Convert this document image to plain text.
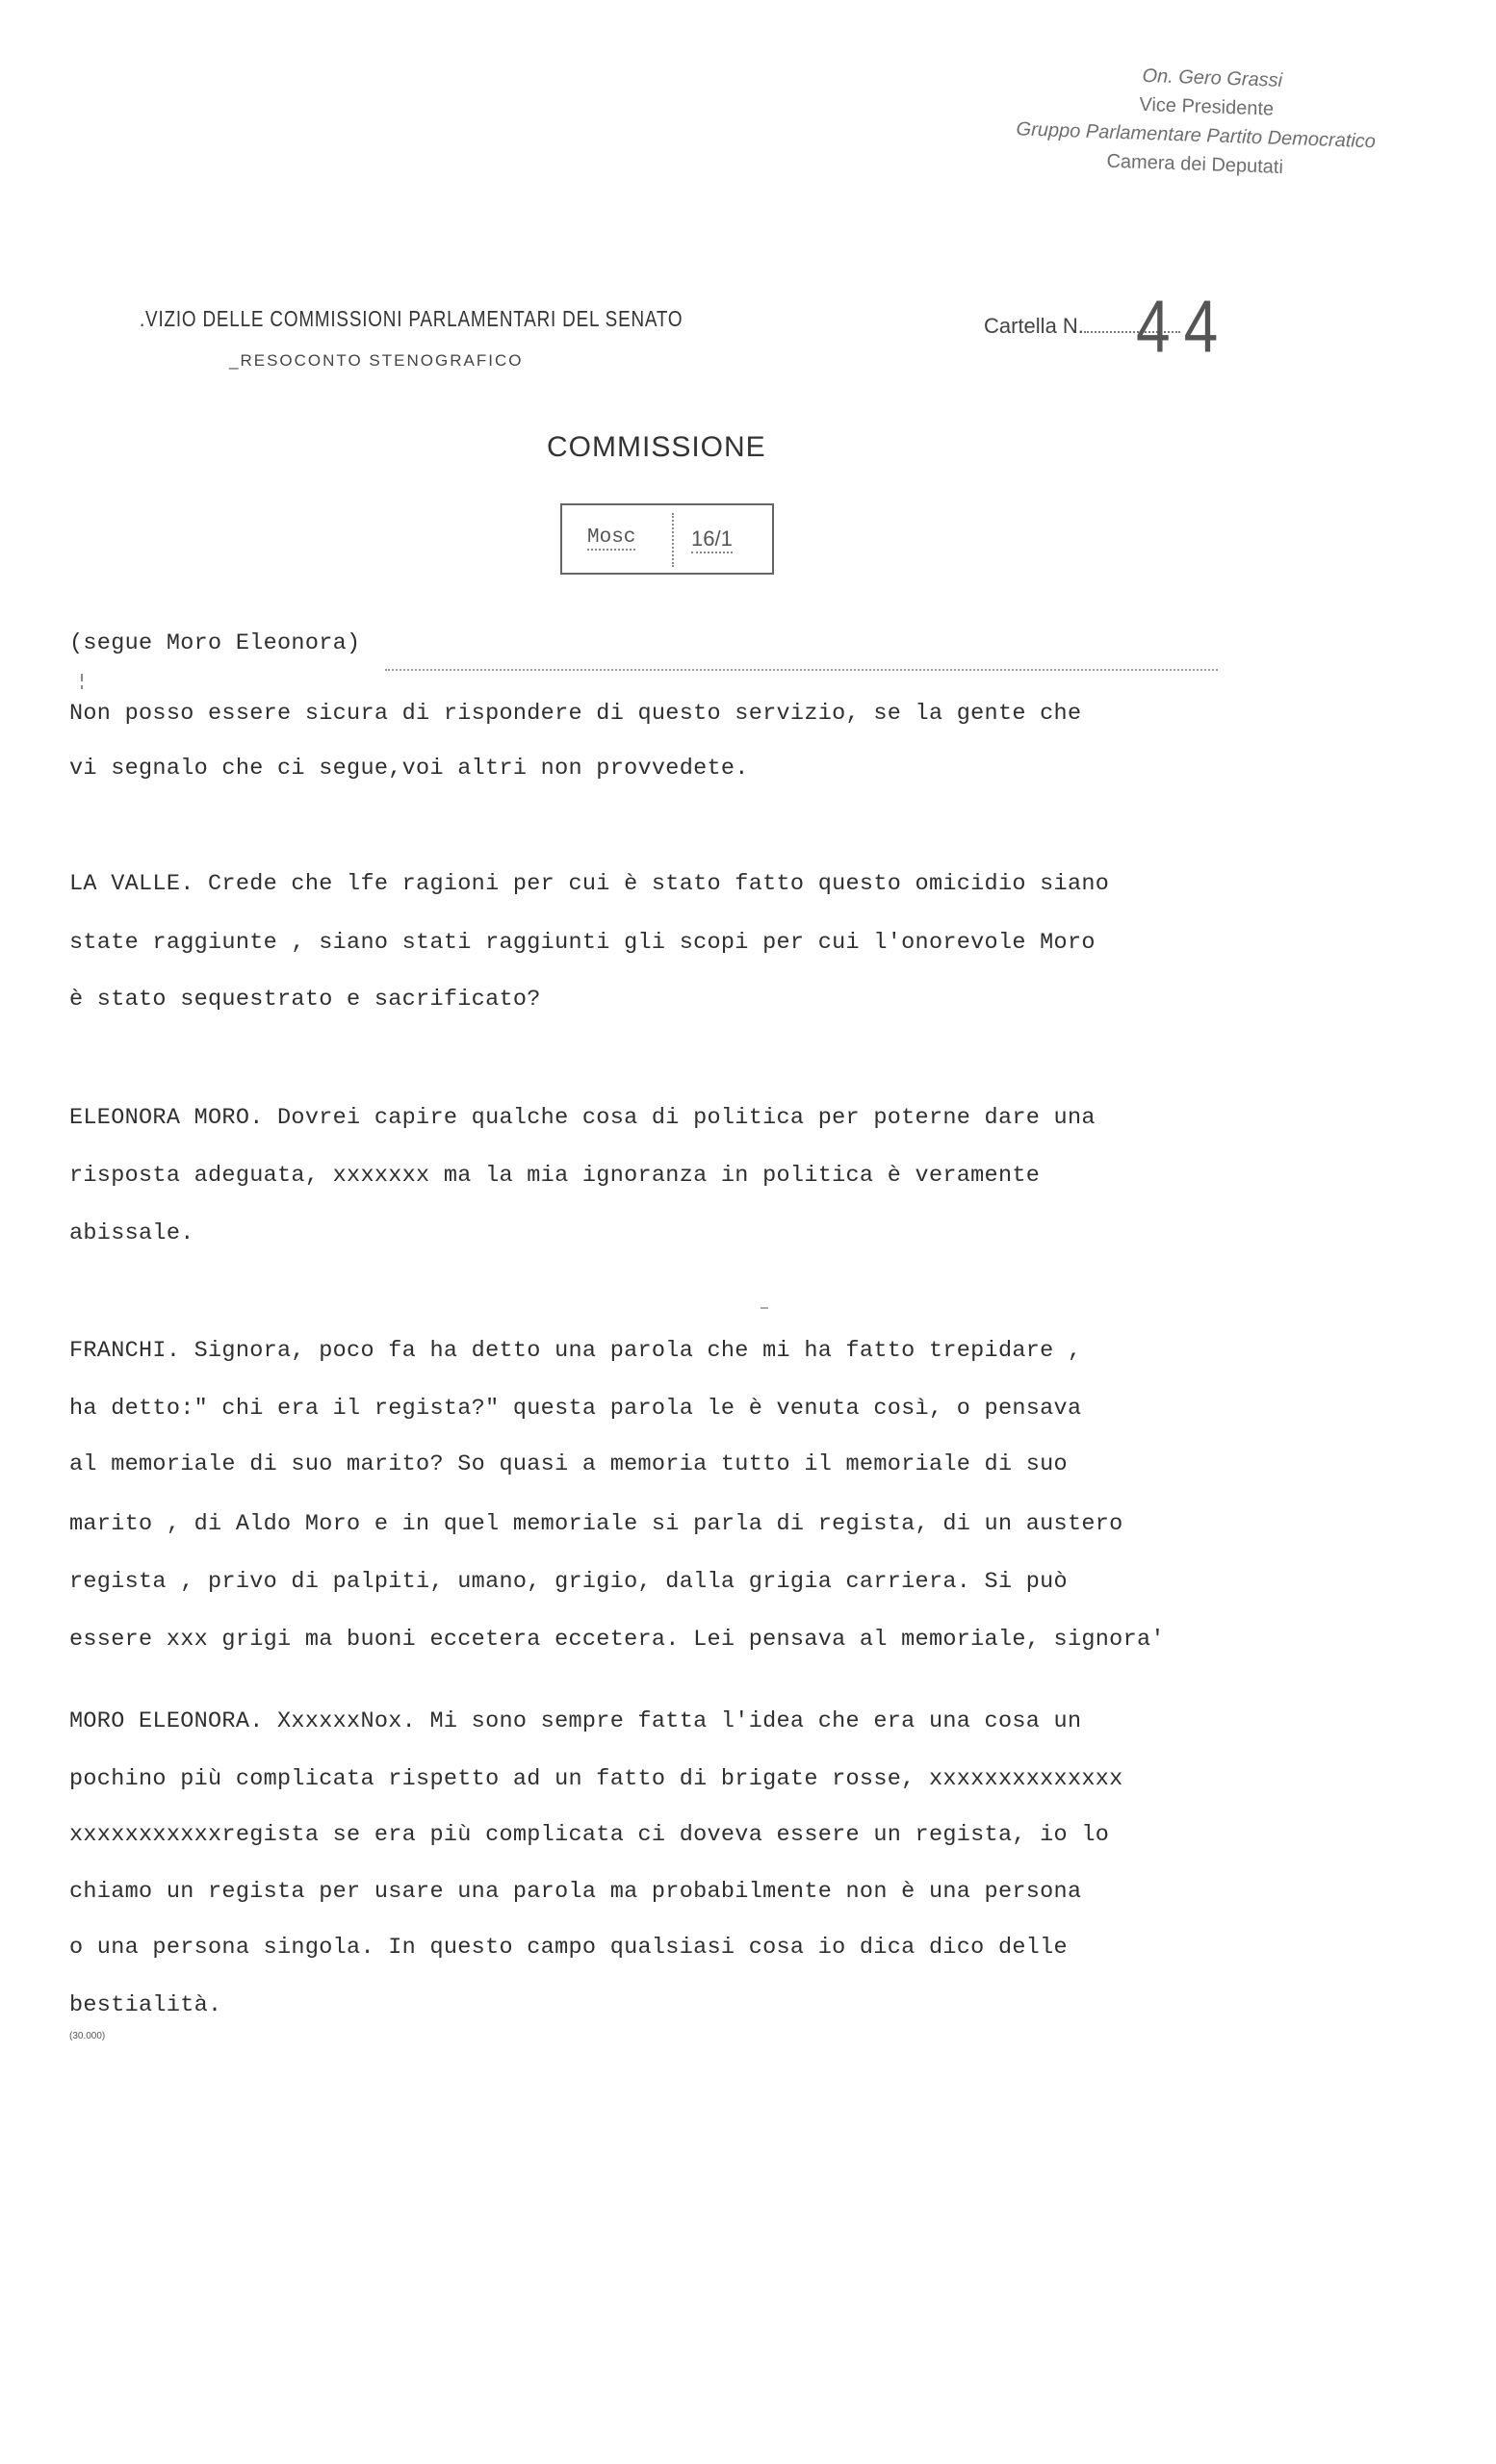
On. Gero Grassi
Vice Presidente
Gruppo Parlamentare Partito Democratico
Camera dei Deputati
.VIZIO DELLE COMMISSIONI PARLAMENTARI DEL SENATO
_RESOCONTO STENOGRAFICO
Cartella N. 44
COMMISSIONE
Mosc	16/1
(segue Moro Eleonora)
Non posso essere sicura di rispondere di questo servizio, se la gente che
vi segnalo che ci segue,voi altri non provvedete.
LA VALLE. Crede che lfe ragioni per cui è stato fatto questo omicidio siano
state raggiunte , siano stati raggiunti gli scopi per cui l'onorevole Moro
è stato sequestrato e sacrificato?
ELEONORA MORO. Dovrei capire qualche cosa di politica per poterne dare una
risposta adeguata, xxxxxxx ma la mia ignoranza in politica è veramente
abissale.
FRANCHI. Signora, poco fa ha detto una parola che mi ha fatto trepidare ,
ha detto:" chi era il regista?" questa parola le è venuta così, o pensava
al memoriale di suo marito? So quasi a memoria tutto il memoriale di suo
marito , di Aldo Moro e in quel memoriale si parla di regista, di un austero
regista , privo di palpiti, umano, grigio, dalla grigia carriera. Si può
essere xxx grigi ma buoni eccetera eccetera. Lei pensava al memoriale, signora'
MORO ELEONORA. XxxxxxNox. Mi sono sempre fatta l'idea che era una cosa un
pochino più complicata rispetto ad un fatto di brigate rosse, xxxxxxxxxxxxxx
xxxxxxxxxxxregista se era più complicata ci doveva essere un regista, io lo
chiamo un regista per usare una parola ma probabilmente non è una persona
o una persona singola. In questo campo qualsiasi cosa io dica dico delle
bestialità.
(30.000)
